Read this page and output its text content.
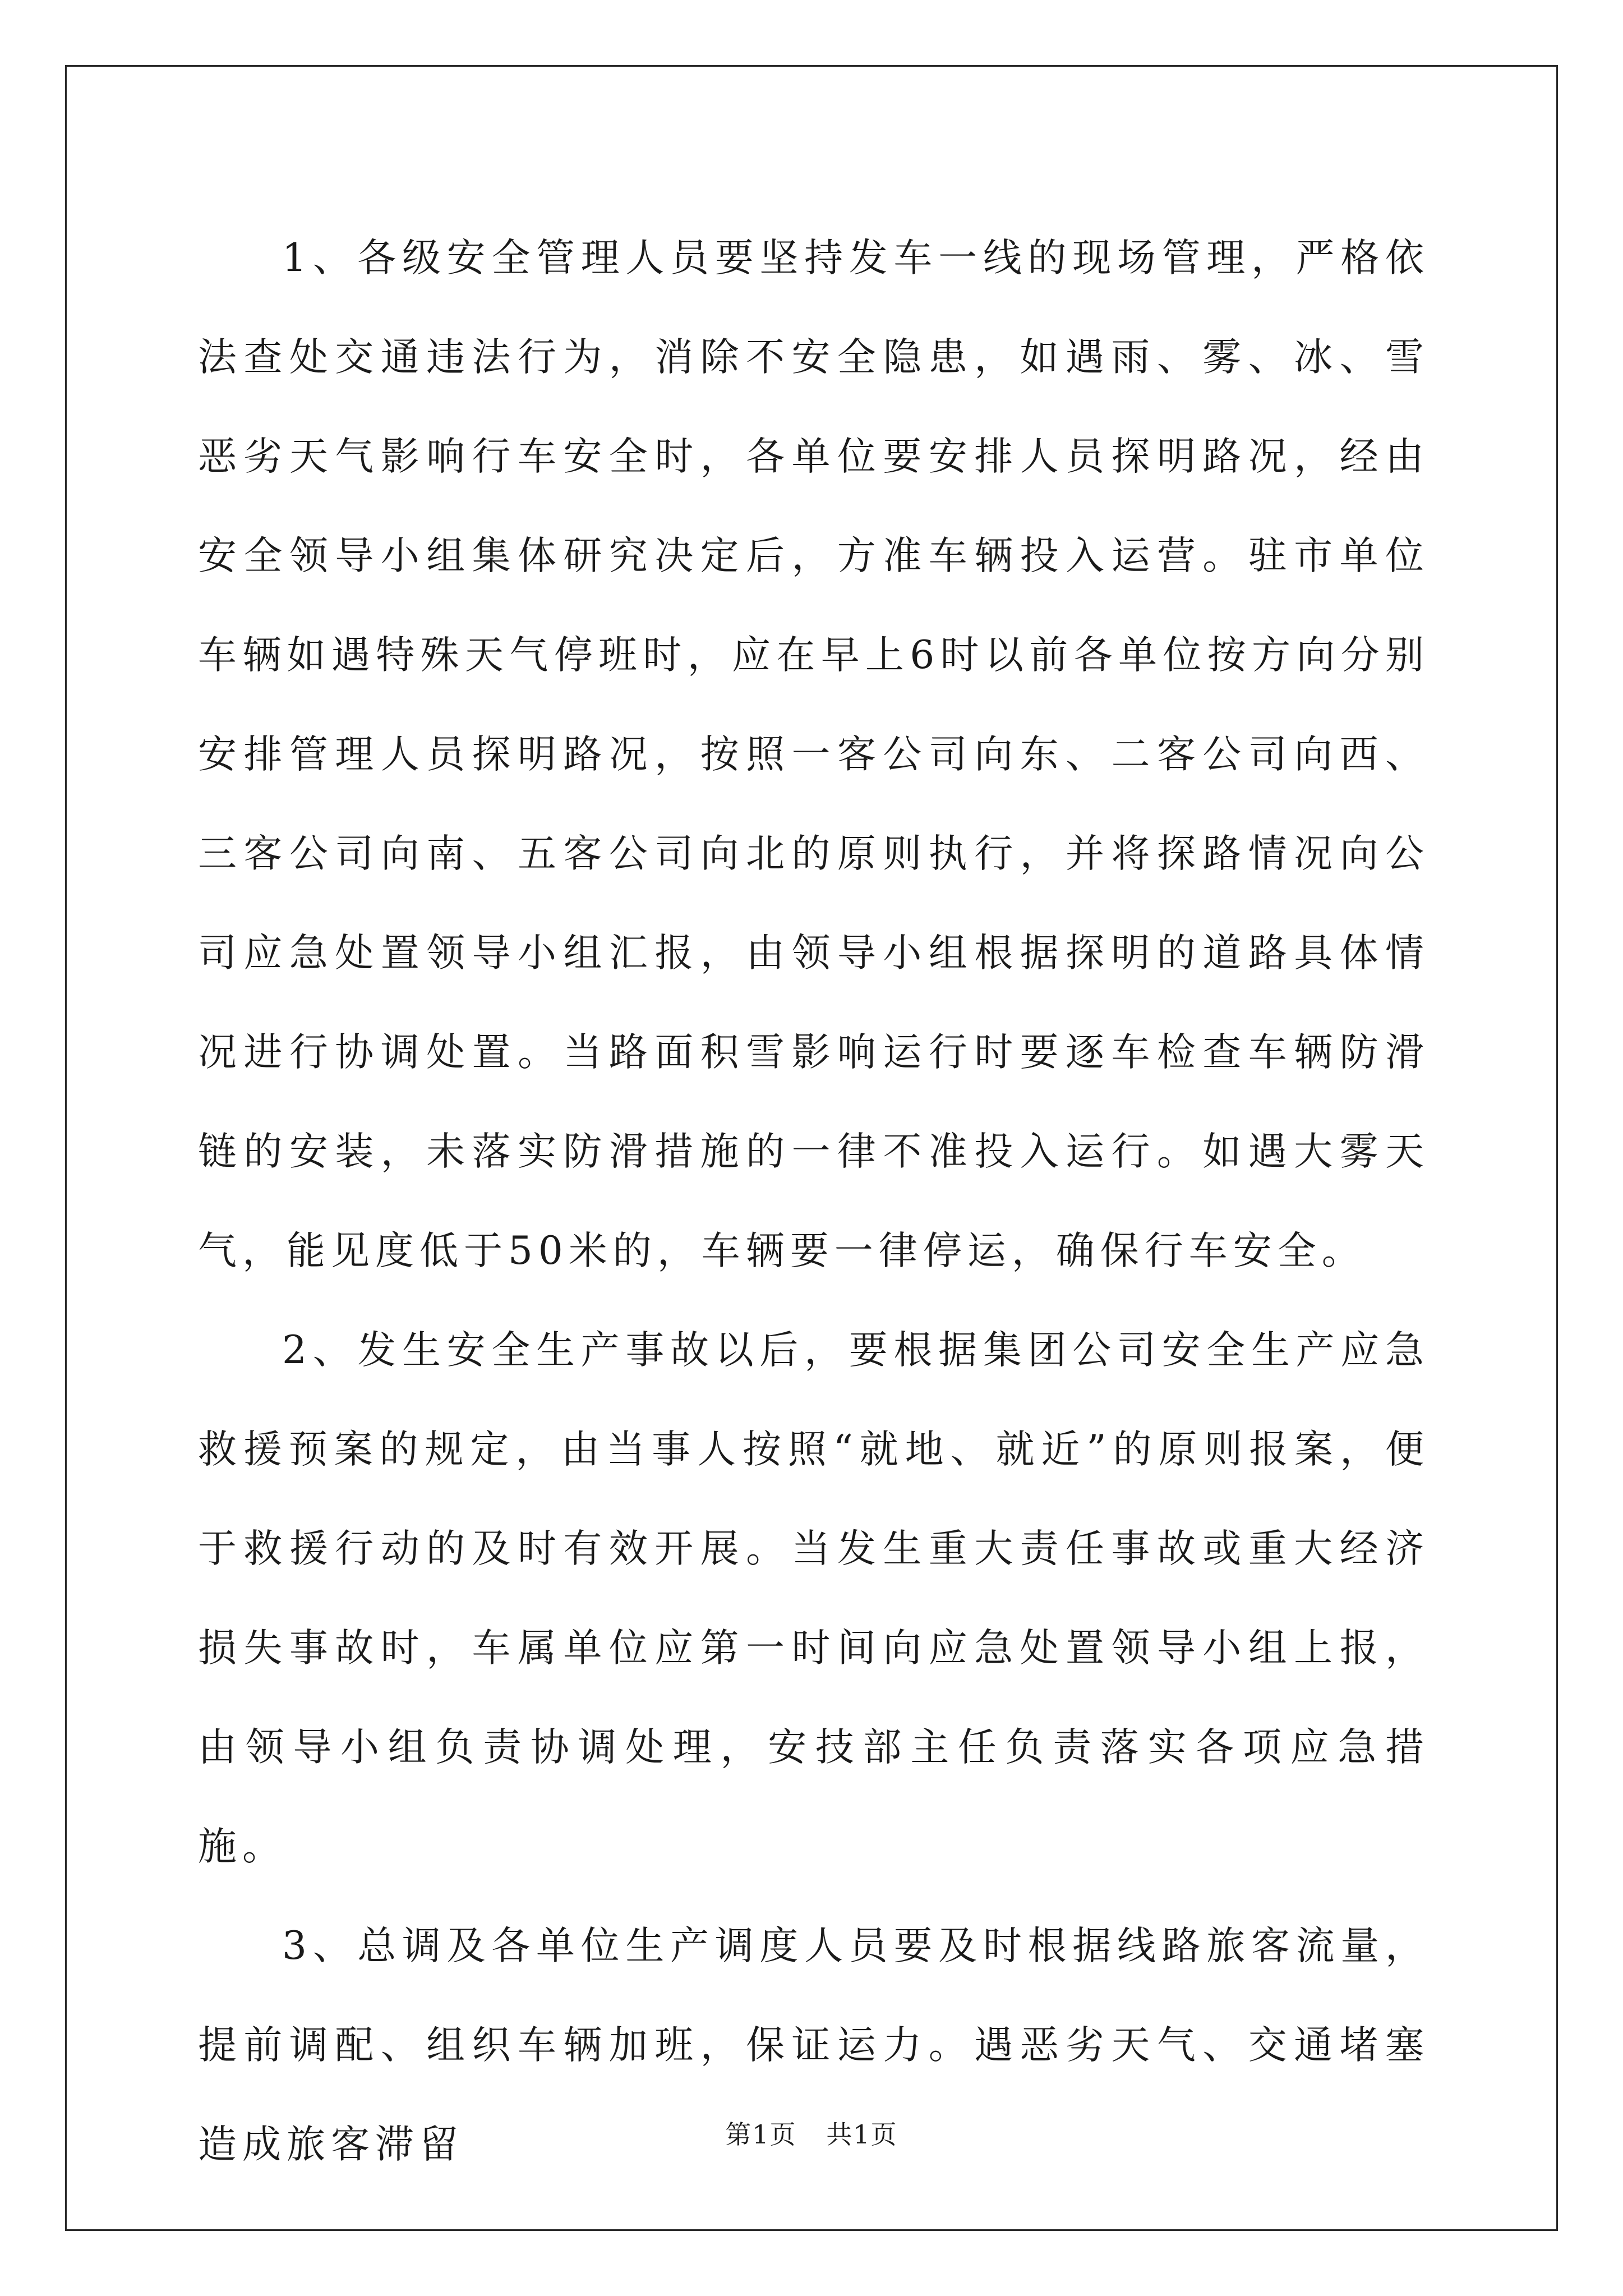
1、各级安全管理人员要坚持发车一线的现场管理，严格依法查处交通违法行为，消除不安全隐患，如遇雨、雾、冰、雪恶劣天气影响行车安全时，各单位要安排人员探明路况，经由安全领导小组集体研究决定后，方准车辆投入运营。驻市单位车辆如遇特殊天气停班时，应在早上6时以前各单位按方向分别安排管理人员探明路况，按照一客公司向东、二客公司向西、三客公司向南、五客公司向北的原则执行，并将探路情况向公司应急处置领导小组汇报，由领导小组根据探明的道路具体情况进行协调处置。当路面积雪影响运行时要逐车检查车辆防滑链的安装，未落实防滑措施的一律不准投入运行。如遇大雾天气，能见度低于50米的，车辆要一律停运，确保行车安全。

2、发生安全生产事故以后，要根据集团公司安全生产应急救援预案的规定，由当事人按照“就地、就近”的原则报案，便于救援行动的及时有效开展。当发生重大责任事故或重大经济损失事故时，车属单位应第一时间向应急处置领导小组上报，由领导小组负责协调处理，安技部主任负责落实各项应急措施。

3、总调及各单位生产调度人员要及时根据线路旅客流量，提前调配、组织车辆加班，保证运力。遇恶劣天气、交通堵塞造成旅客滞留	第1页 共1页
